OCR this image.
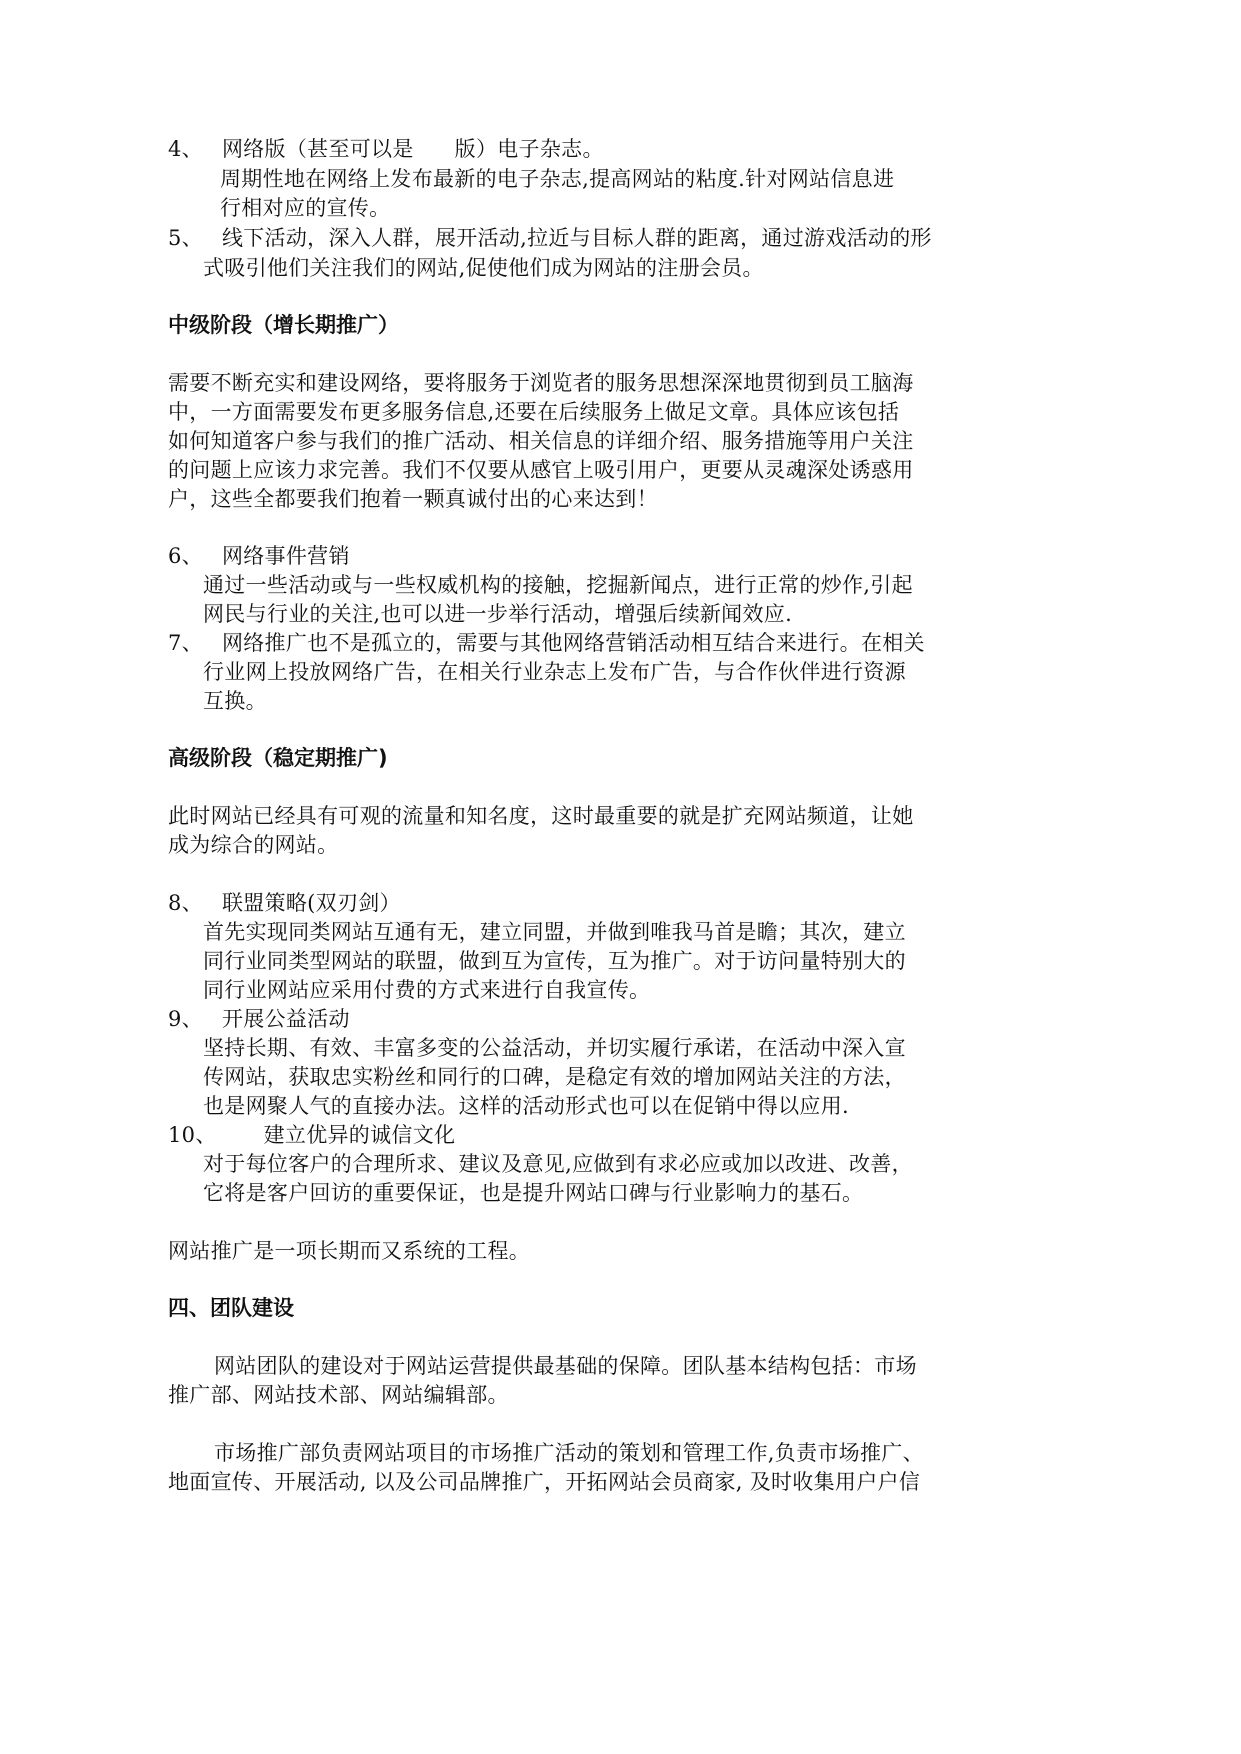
4、 网络版（甚至可以是 版）电子杂志。
周期性地在网络上发布最新的电子杂志,提高网站的粘度.针对网站信息进
行相对应的宣传。
5、 线下活动，深入人群，展开活动,拉近与目标人群的距离，通过游戏活动的形
式吸引他们关注我们的网站,促使他们成为网站的注册会员。
中级阶段（增长期推广）
需要不断充实和建设网络，要将服务于浏览者的服务思想深深地贯彻到员工脑海
中，一方面需要发布更多服务信息,还要在后续服务上做足文章。具体应该包括
如何知道客户参与我们的推广活动、相关信息的详细介绍、服务措施等用户关注
的问题上应该力求完善。我们不仅要从感官上吸引用户，更要从灵魂深处诱惑用
户，这些全都要我们抱着一颗真诚付出的心来达到！
6、 网络事件营销
通过一些活动或与一些权威机构的接触，挖掘新闻点，进行正常的炒作,引起
网民与行业的关注,也可以进一步举行活动，增强后续新闻效应.
7、 网络推广也不是孤立的，需要与其他网络营销活动相互结合来进行。在相关
行业网上投放网络广告，在相关行业杂志上发布广告，与合作伙伴进行资源
互换。
高级阶段（稳定期推广)
此时网站已经具有可观的流量和知名度，这时最重要的就是扩充网站频道，让她
成为综合的网站。
8、 联盟策略(双刃剑）
首先实现同类网站互通有无，建立同盟，并做到唯我马首是瞻；其次，建立
同行业同类型网站的联盟，做到互为宣传，互为推广。对于访问量特别大的
同行业网站应采用付费的方式来进行自我宣传。
9、 开展公益活动
坚持长期、有效、丰富多变的公益活动，并切实履行承诺，在活动中深入宣
传网站，获取忠实粉丝和同行的口碑，是稳定有效的增加网站关注的方法，
也是网聚人气的直接办法。这样的活动形式也可以在促销中得以应用.
10、 建立优异的诚信文化
对于每位客户的合理所求、建议及意见,应做到有求必应或加以改进、改善，
它将是客户回访的重要保证，也是提升网站口碑与行业影响力的基石。
网站推广是一项长期而又系统的工程。
四、团队建设
网站团队的建设对于网站运营提供最基础的保障。团队基本结构包括：市场
推广部、网站技术部、网站编辑部。
市场推广部负责网站项目的市场推广活动的策划和管理工作,负责市场推广、
地面宣传、开展活动, 以及公司品牌推广，开拓网站会员商家, 及时收集用户户信
